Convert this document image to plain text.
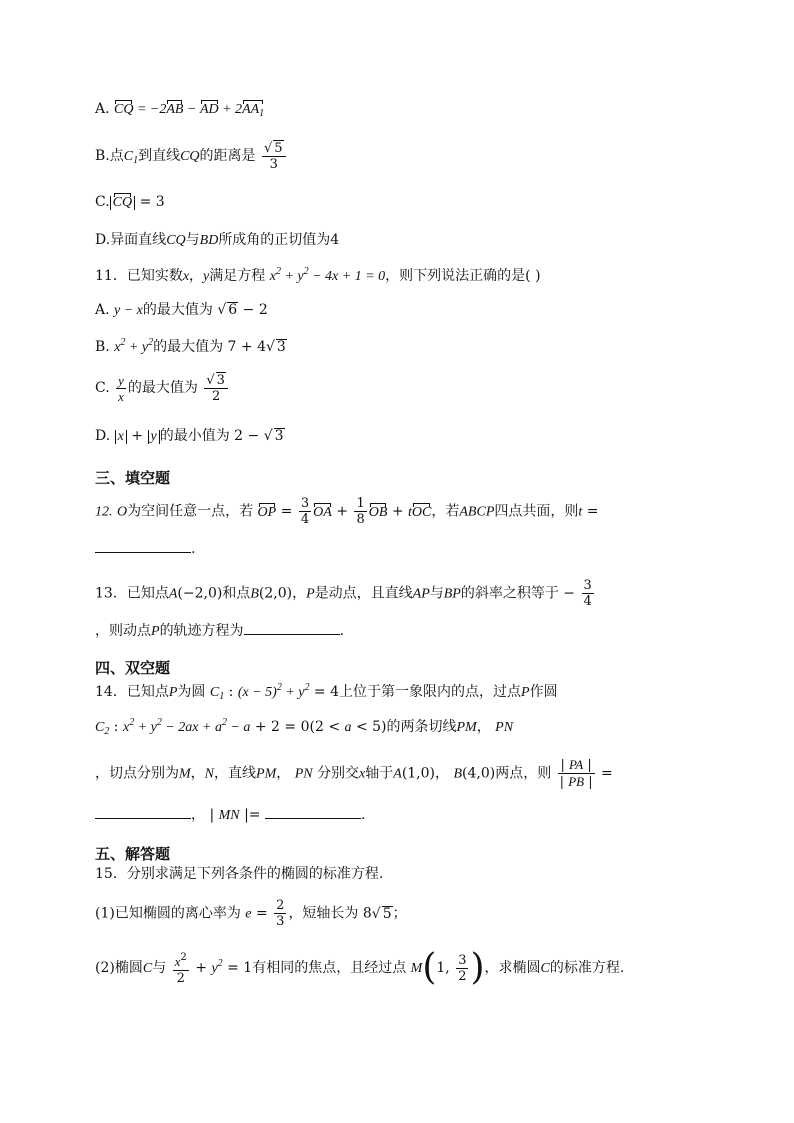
A. CQ = −2AB − AD + $2AA_1$
B.点$C_1$到直线CQ的距离是 √ $\frac{5}{3}$
C. CQ = 3
D.异面直线CQ与BD所成角的正切值为4
11．已知实数x，y满足方程 $x^2 + y^2 - 4x + 1 = 0$，则下列说法正确的是( )
A. y − x的最大值为 √ 6 − 2
B. $x^2 + y^2$的最大值为 7 + 4 √ 3
C. $\frac{y}{x}$ 的最大值为 √ $\frac{3}{2}$
D. x + y 的最小值为 2 − √ 3
三、填空题
12. O为空间任意一点，若 OP = $\frac{3}{4}$ OA + $\frac{1}{8}$ OB + tOC，若ABCP四点共面，则t =
.
13．已知点A(−2,0)和点B(2,0)，P是动点，且直线AP与BP的斜率之积等于 − $\frac{3}{4}$
，则动点P的轨迹方程为	.
四、双空题
14．已知点P为圆 $C_1$ : $(x - 5)^2 + y^2 = 4$上位于第一象限内的点，过点P作圆
$C_2$ : $x^2 + y^2 - 2ax + a^2 - a + 2 = 0(2 < a < 5)$的两条切线PM， PN
，切点分别为M，N，直线PM， PN 分别交x轴于A(1,0)， B(4,0)两点，则 $\frac{| PA |}{| PB |}$ =
， | MN |=	.
五、解答题
15．分别求满足下列各条件的椭圆的标准方程.
(1)已知椭圆的离心率为 $e = \frac{2}{3}$ ，短轴长为 8 √ 5；
(2)椭圆C与 $\frac{x^2}{2} + y^2 = 1$有相同的焦点，且经过点 M(1, $\frac{3}{2}$ )，求椭圆C的标准方程.
